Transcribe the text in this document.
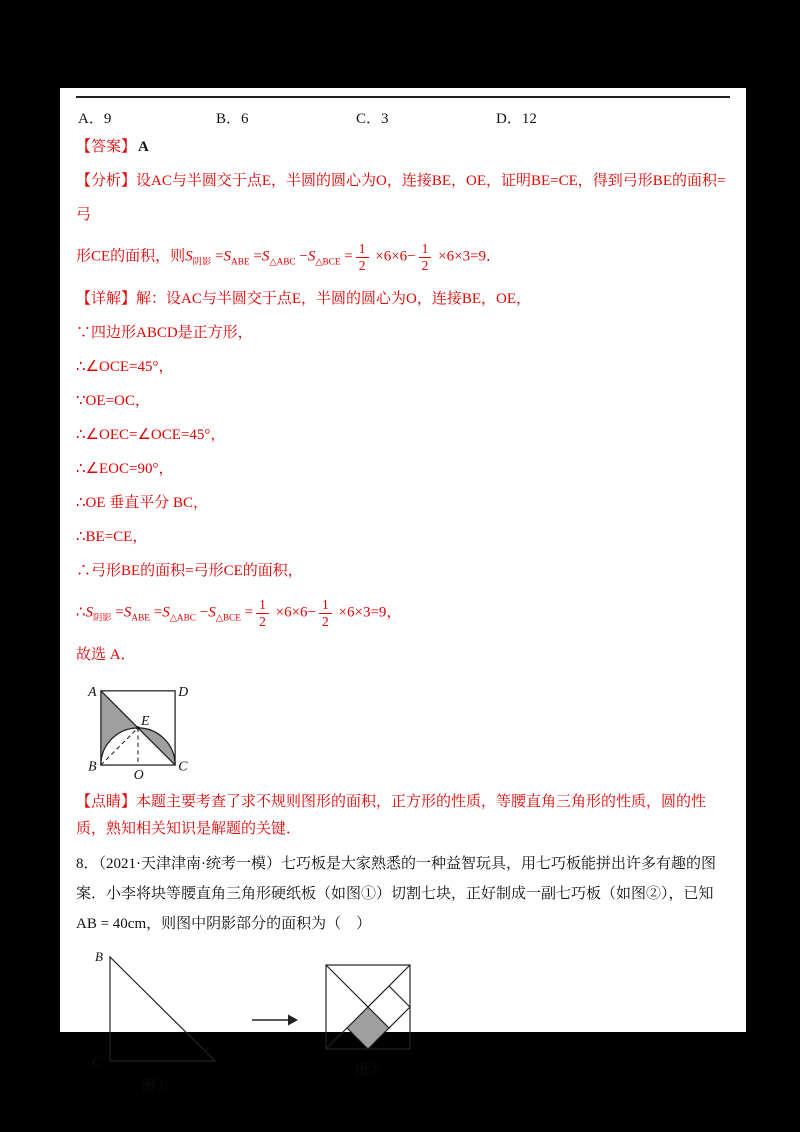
A．9	B．6	C．3	D．12
【答案】 A
【分析】设AC与半圆交于点E，半圆的圆心为O，连接BE，OE，证明BE=CE，得到弓形BE的面积=弓
形CE的面积，则$S_{阴影} =S_{ABE} =S_{\triangle ABC} -S_{\triangle BCE} = \frac{1}{2} \times 6\times 6- \frac{1}{2} \times 6\times 3=9$．
【详解】解：设AC与半圆交于点E，半圆的圆心为O，连接BE，OE，
∵四边形ABCD是正方形，
∴∠OCE=45°，
∵OE=OC，
∴∠OEC=∠OCE=45°，
∴∠EOC=90°，
∴OE 垂直平分 BC，
∴BE=CE，
∴弓形BE的面积=弓形CE的面积，
$\therefore S_{阴影} =S_{ABE} =S_{\triangle ABC} -S_{\triangle BCE} = \frac{1}{2} \times 6\times 6- \frac{1}{2} \times 6\times 3=9$，
故选 A．
A	D
B	C
E
O
【点睛】本题主要考查了求不规则图形的面积，正方形的性质，等腰直角三角形的性质，圆的性质，熟知相关知识是解题的关键．
8．（2021·天津津南·统考一模）七巧板是大家熟悉的一种益智玩具，用七巧板能拼出许多有趣的图案．小李将块等腰直角三角形硬纸板（如图①）切割七块，正好制成一副七巧板（如图②），已知AB = 40cm，则图中阴影部分的面积为（　）
B
C
A
图①
图②
